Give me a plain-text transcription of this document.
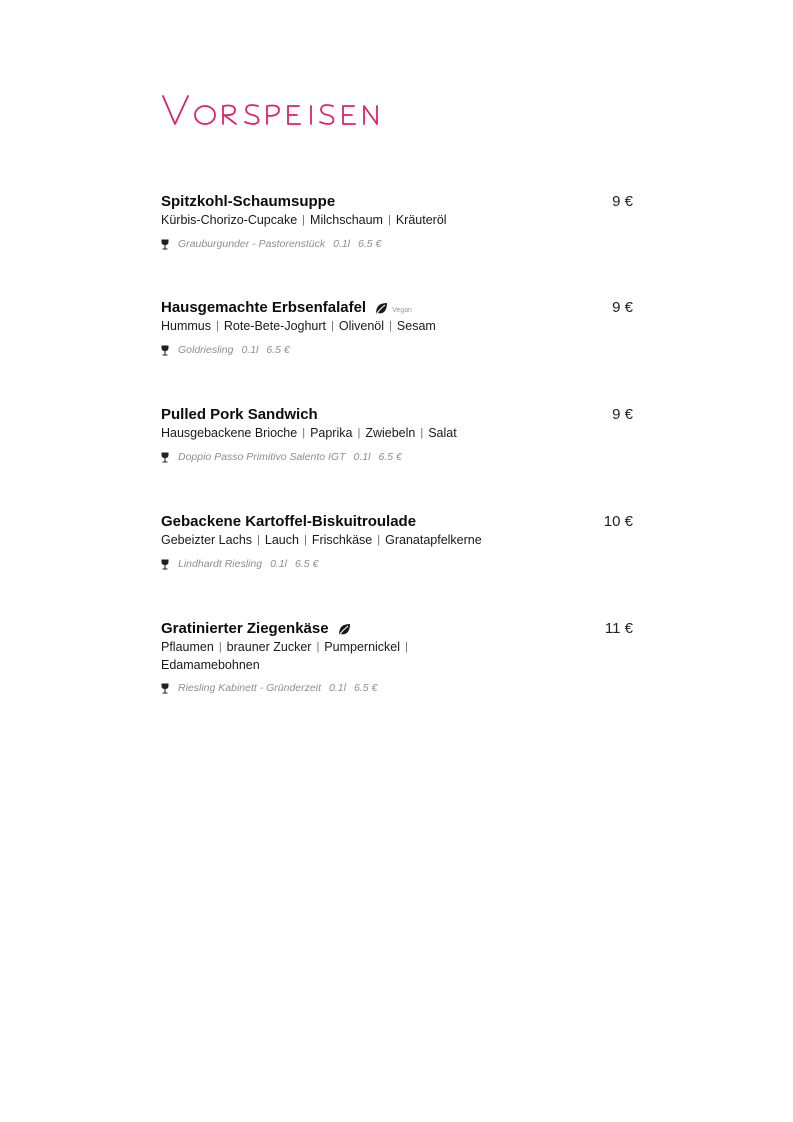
Spitzkohl-Schaumsuppe	9 €
Kürbis-Chorizo-Cupcake | Milchschaum | Kräuteröl
Grauburgunder - Pastorenstück 0.1l 6.5 €
Hausgemachte Erbsenfalafel	Vegan	9 €
Hummus | Rote-Bete-Joghurt | Olivenöl | Sesam
Goldriesling 0.1l 6.5 €
Pulled Pork Sandwich	9 €
Hausgebackene Brioche | Paprika | Zwiebeln | Salat
Doppio Passo Primitivo Salento IGT 0.1l 6.5 €
Gebackene Kartoffel-Biskuitroulade	10 €
Gebeizter Lachs | Lauch | Frischkäse | Granatapfelkerne
Lindhardt Riesling 0.1l 6.5 €
Gratinierter Ziegenkäse	11 €
Pflaumen | brauner Zucker | Pumpernickel | Edamamebohnen
Riesling Kabinett - Gründerzeit 0.1l 6.5 €
